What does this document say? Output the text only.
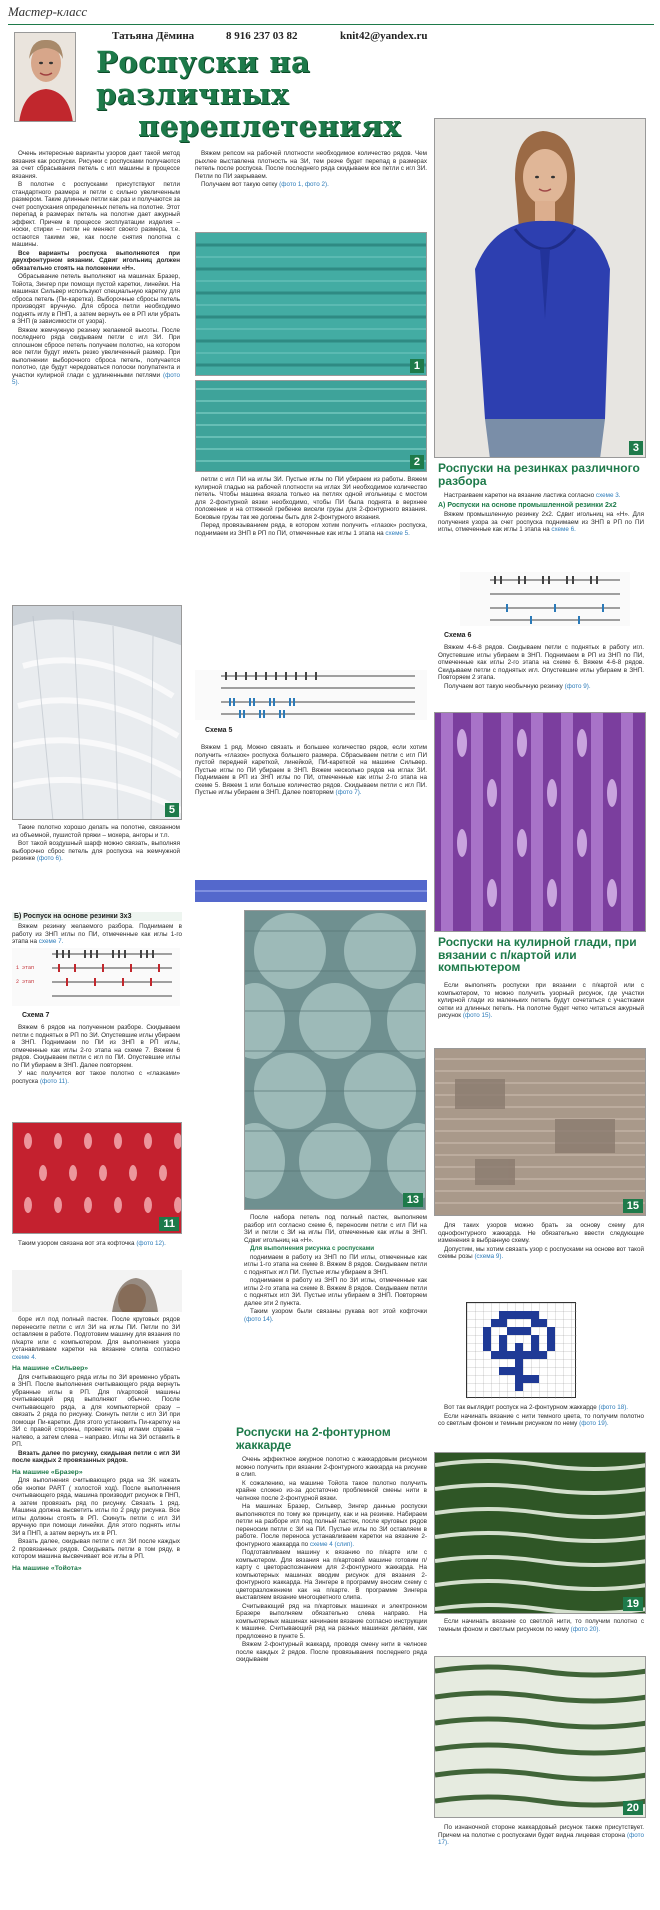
Мастер-класс
Татьяна Дёмина	8 916 237 03 82	knit42@yandex.ru
Роспуски на различных
переплетениях

Очень интересные варианты узоров дает такой метод вязания как роспуски. Рисунки с роспусками получаются за счет сбрасывания петель с игл машины в процессе вязания.

В полотне с роспусками присутствуют петли стандартного размера и петли с сильно увеличенным размером. Такие длинные петли как раз и получаются за счет роспускания определенных петель на полотне. Этот перепад в размерах петель на полотне дает ажурный эффект. Причем в процессе эксплуатации изделия – носки, стирки – петли не меняют своего размера, т.е. остаются такими же, как после снятия полотна с машины.

Все варианты роспуска выполняются при двухфонтурном вязании. Сдвиг игольниц должен обязательно стоять на положении «Н».

Обрасывание петель выполняют на машинах Бразер, Тойота, Зингер при помощи пустой каретки, линейки. На машинах Сильвер используют специальную каретку для сброса петель (Пи-каретка). Выборочные сбросы петель производят вручную. Для сброса петли необходимо поднять иглу в ПНП, а затем вернуть ее в РП или убрать в ЗНП (в зависимости от узора).

Вяжем жемчужную резинку желаемой высоты. После последнего ряда скидываем петли с игл ЗИ. При сплошном сбросе петель получаем полотно, на котором все петли будут иметь резко увеличенный размер. При выполнении выборочного сброса петель, получается полотно, где будут чередоваться полоски полупатента и участки кулирной глади с удлиненными петлями (фото 5).

5

Такие полотно хорошо делать на полотне, связанном из объемной, пушистой пряжи – мохера, ангоры и т.п.

Вот такой воздушный шарф можно связать, выполняя выборочно сброс петель для роспуска на жемчужной резинке (фото 6).

Б) Роспуск на основе резинки 3х3

Вяжем резинку желаемого разбора. Поднимаем в работу из ЗНП иглы по ПИ, отмеченные как иглы 1-го этапа на схеме 7.

1 этап
2 этап
Схема 7

Вяжем 6 рядов на полученном разборе. Скидываем петли с поднятых в РП по ЗИ. Опустевшие иглы убираем в ЗНП. Поднимаем по ПИ из ЗНП в РП иглы, отмеченные как иглы 2-го этапа на схеме 7. Вяжем 6 рядов. Скидываем петли с игл по ПИ. Опустевшие иглы по ПИ убираем в ЗНП. Далее повторяем.

У нас получится вот такое полотно с «глазками» роспуска (фото 11).

11

Таким узором связана вот эта кофточка (фото 12).

боре игл под полный пастек. После круговых рядов перенесите петли с игл ЗИ на иглы ПИ. Петли по ЗИ оставляем в работе. Подготовим машину для вязания по п/карте или с компьютером. Для выполнения узора устанавливаем каретки на вязание слипа согласно схеме 4.

На машине «Сильвер»

Для считывающего ряда иглы по ЗИ временно убрать в ЗНП. После выполнения считывающего ряда вернуть убранные иглы в РП. Для п/картовой машины считывающий ряд выполняют обычно. После считывающего ряда, а для компьютерной сразу – связать 2 ряда по рисунку. Скинуть петли с игл ЗИ при помощи Пи-каретки. Для этого установить Пи-каретку на ЗИ с правой стороны, провести над иглами справа – налево, а затем слева – направо. Иглы на ЗИ оставить в РП.

Вязать далее по рисунку, скидывая петли с игл ЗИ после каждых 2 провязанных рядов.

На машине «Бразер»

Для выполнения считывающего ряда на ЗК нажать обе кнопки PART ( холостой ход). После выполнения считывающего ряда, машина производит рисунок в ПНП, а затем провязать ряд по рисунку. Связать 1 ряд. Машина должна высветить иглы по 2 ряду рисунка. Все иглы должны стоять в РП. Скинуть петли с игл ЗИ вручную при помощи линейки. Для этого поднять иглы ЗИ в ПНП, а затем вернуть их в РП.

Вязать далее, скидывая петли с игл ЗИ после каждых 2 провязанных рядов. Скидывать петли в том ряду, в котором машина высвечивает все иглы в РП.

На машине «Тойота»

Вяжем репсом на рабочей плотности необходимое количество рядов. Чем рыхлее выставлена плотность на ЗИ, тем резче будет перепад в размерах петель после роспуска. После последнего ряда скидываем все петли с игл ЗИ. Петли по ПИ закрываем.

Получаем вот такую сетку (фото 1, фото 2).

1
2

петли с игл ПИ на иглы ЗИ. Пустые иглы по ПИ убираем из работы. Вяжем кулирной гладью на рабочей плотности на иглах ЗИ необходимое количество петель. Чтобы машина вязала только на петлях одной игольницы с мостом для 2-фонтурной вязки необходимо, чтобы ПИ была поднята в верхнее положение и на оттяжной гребенке висели грузы для 2-фонтурного вязания. Боковые грузы так же должны быть для 2-фонтурного вязания.

Перед провязыванием ряда, в котором хотим получить «глазок» роспуска, поднимаем из ЗНП в РП по ПИ, отмеченные как иглы 1 этапа на схеме 5.

Схема 5

Вяжем 1 ряд. Можно связать и большее количество рядов, если хотим получить «глазок» роспуска большего размера. Сбрасываем петли с игл ПИ пустой передней кареткой, линейкой, ПИ-кареткой на машине Сильвер. Пустые иглы по ПИ убираем в ЗНП. Вяжем несколько рядов на иглах ЗИ. Поднимаем в РП из ЗНП иглы по ПИ, отмеченные как иглы 2-го этапа на схеме 5. Вяжем 1 или больше количество рядов. Скидываем петли с игл ПИ. Пустые иглы убираем в ЗНП. Далее повторяем (фото 7).

13

После набора петель под полный пастек, выполняем разбор игл согласно схеме 6, переносим петли с игл ПИ на ЗИ и петли с ЗИ на иглы ПИ, отмеченные как иглы в ЗНП. Сдвиг игольниц на «Н».

Для выполнения рисунка с роспусками

поднимаем в работу из ЗНП по ПИ иглы, отмеченные как иглы 1-го этапа на схеме 8. Вяжем 8 рядов. Скидываем петли с поднятых игл ПИ. Пустые иглы убираем в ЗНП.

поднимаем в работу из ЗНП по ЗИ иглы, отмеченные как иглы 2-го этапа на схеме 8. Вяжем 8 рядов. Скидываем петли с поднятых игл ЗИ. Пустые иглы убираем в ЗНП. Повторяем далее эти 2 пункта.

Таким узором были связаны рукава вот этой кофточки (фото 14).

Роспуски на 2-фонтурном жаккарде

Очень эффектное ажурное полотно с жаккардовым рисунком можно получить при вязании 2-фонтурного жаккарда на рисунке в слип.

К сожалению, на машине Тойота такое полотно получить крайне сложно из-за достаточно проблемной смены нити в челноке после 2-фонтурной вязки.

На машинах Бразер, Сильвер, Зингер данные роспуски выполняются по тому же принципу, как и на резинке. Набираем петли на разборе игл под полный пастек, после круговых рядов переносим петли с ЗИ на ПИ. Пустые иглы по ЗИ оставляем в работе. После переноса устанавливаем каретки на вязание 2-фонтурного жаккарда по схеме 4 (слип).

Подготавливаем машину к вязанию по п/карте или с компьютером. Для вязания на п/картовой машине готовим п/карту с цветораспознанием для 2-фонтурного жаккарда. На компьютерных машинах вводим рисунок для вязания 2-фонтурного жаккарда. На Зингере в программу вносим схему с цветоразложением как на п/карте. В программе Зингера выставляем вязание многоцветного слипа.

Считывающий ряд на п/картовых машинах и электронном Бразере выполняем обязательно слева направо. На компьютерных машинах начинаем вязание согласно инструкции к машине. Считывающий ряд на разных машинах делаем, как предложено в пункте 5.

Вяжем 2-фонтурный жаккард, проводя смену нити в челноке после каждых 2 рядов. После провязывания последнего ряда скидываем

3
Роспуски на резинках различного разбора

Настраиваем каретки на вязание ластика согласно схеме 3.

А) Роспуски на основе промышленной резинки 2х2

Вяжем промышленную резинку 2х2. Сдвиг игольниц на «Н». Для получения узора за счет роспуска поднимаем из ЗНП в РП по ПИ иглы, отмеченные как иглы 1 этапа на схеме 6.

Схема 6

Вяжем 4-6-8 рядов. Скидываем петли с поднятых в работу игл. Опустевшие иглы убираем в ЗНП. Поднимаем в РП из ЗНП по ПИ, отмеченные как иглы 2-го этапа на схеме 6. Вяжем 4-6-8 рядов. Скидываем петли с поднятых игл. Опустевшие иглы убираем в ЗНП. Повторяем 2 этапа.

Получаем вот такую необычную резинку (фото 9).

Роспуски на кулирной глади, при вязании с п/картой или компьютером

Если выполнять роспуски при вязании с п/картой или с компьютером, то можно получить узорный рисунок, где участки кулирной глади из маленьких петель будут сочетаться с участками сетки из длинных петель. На полотне будет четко читаться ажурный рисунок (фото 15).

15

Для таких узоров можно брать за основу схему для однофонтурного жаккарда. Не обязательно ввести следующие изменения в выбранную схему.

Допустим, мы хотим связать узор с роспусками на основе вот такой схемы розы (схема 9).

Вот так выглядит роспуск на 2-фонтурном жаккарде (фото 18).

Если начинать вязание с нити темного цвета, то получим полотно со светлым фоном и темным рисунком по нему (фото 19).

19

Если начинать вязание со светлой нити, то получим полотно с темным фоном и светлым рисунком по нему (фото 20).

20

По изнаночной стороне жаккардовый рисунок также присутствует. Причем на полотне с роспусками будет видна лицевая сторона (фото 17).
